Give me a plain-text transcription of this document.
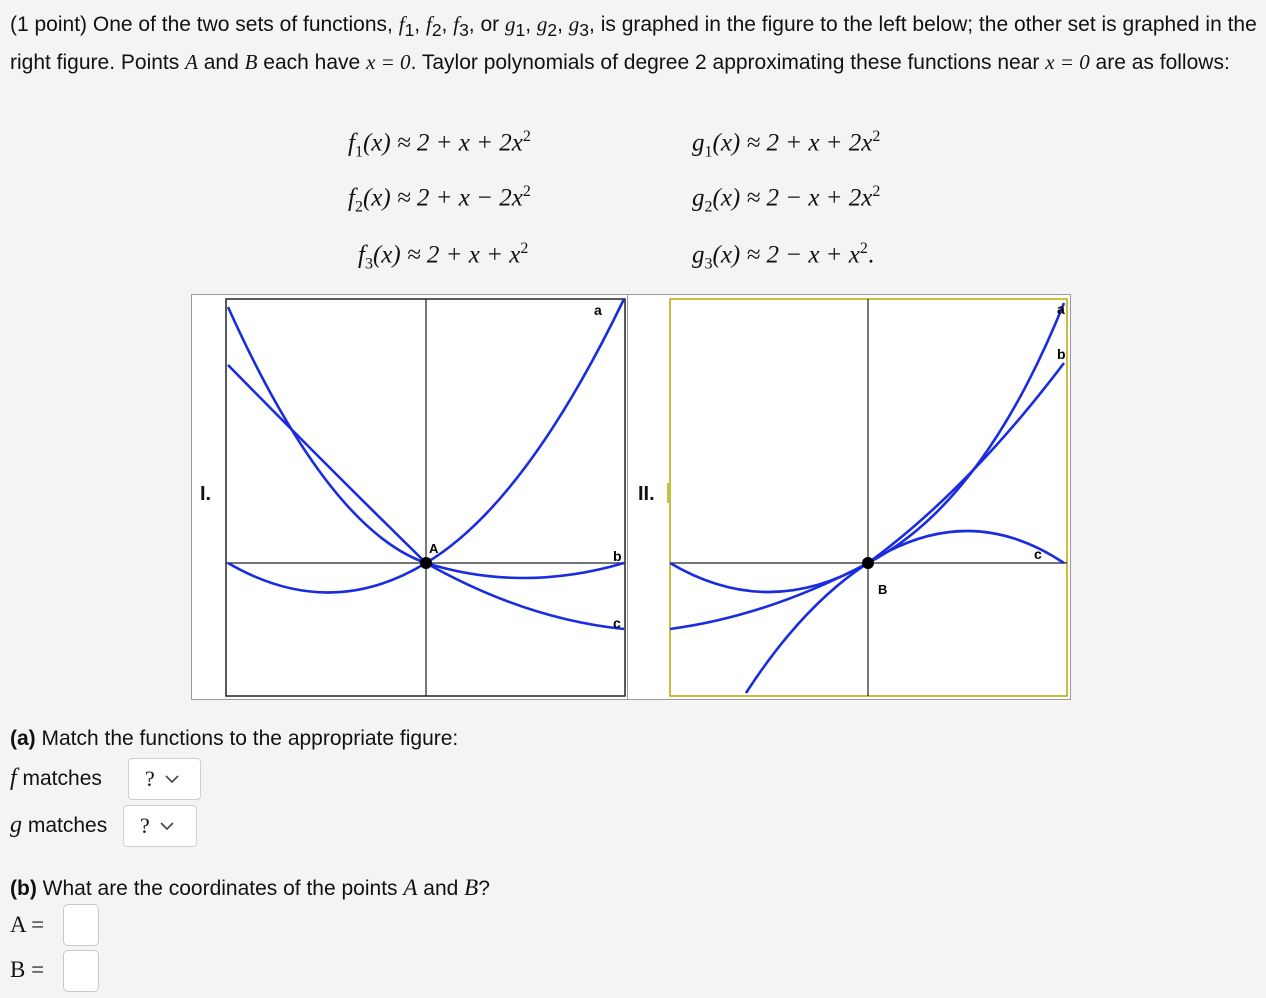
(1 point) One of the two sets of functions, $f_1$, $f_2$, $f_3$, or $g_1$, $g_2$, $g_3$, is graphed in the figure to the left below; the other set is graphed in the right figure. Points A and B each have x = 0. Taylor polynomials of degree 2 approximating these functions near x = 0 are as follows:

$f_1(x) \approx 2 + x + 2x^2$
$f_2(x) \approx 2 + x - 2x^2$
$f_3(x) \approx 2 + x + x^2$
$g_1(x) \approx 2 + x + 2x^2$
$g_2(x) \approx 2 - x + 2x^2$
$g_3(x) \approx 2 - x + x^2$.
I.
A
a
b
c
II.
B
a
b
c

(a) Match the functions to the appropriate figure:

f matches ?
g matches ?

(b) What are the coordinates of the points A and B?

A =
B =
